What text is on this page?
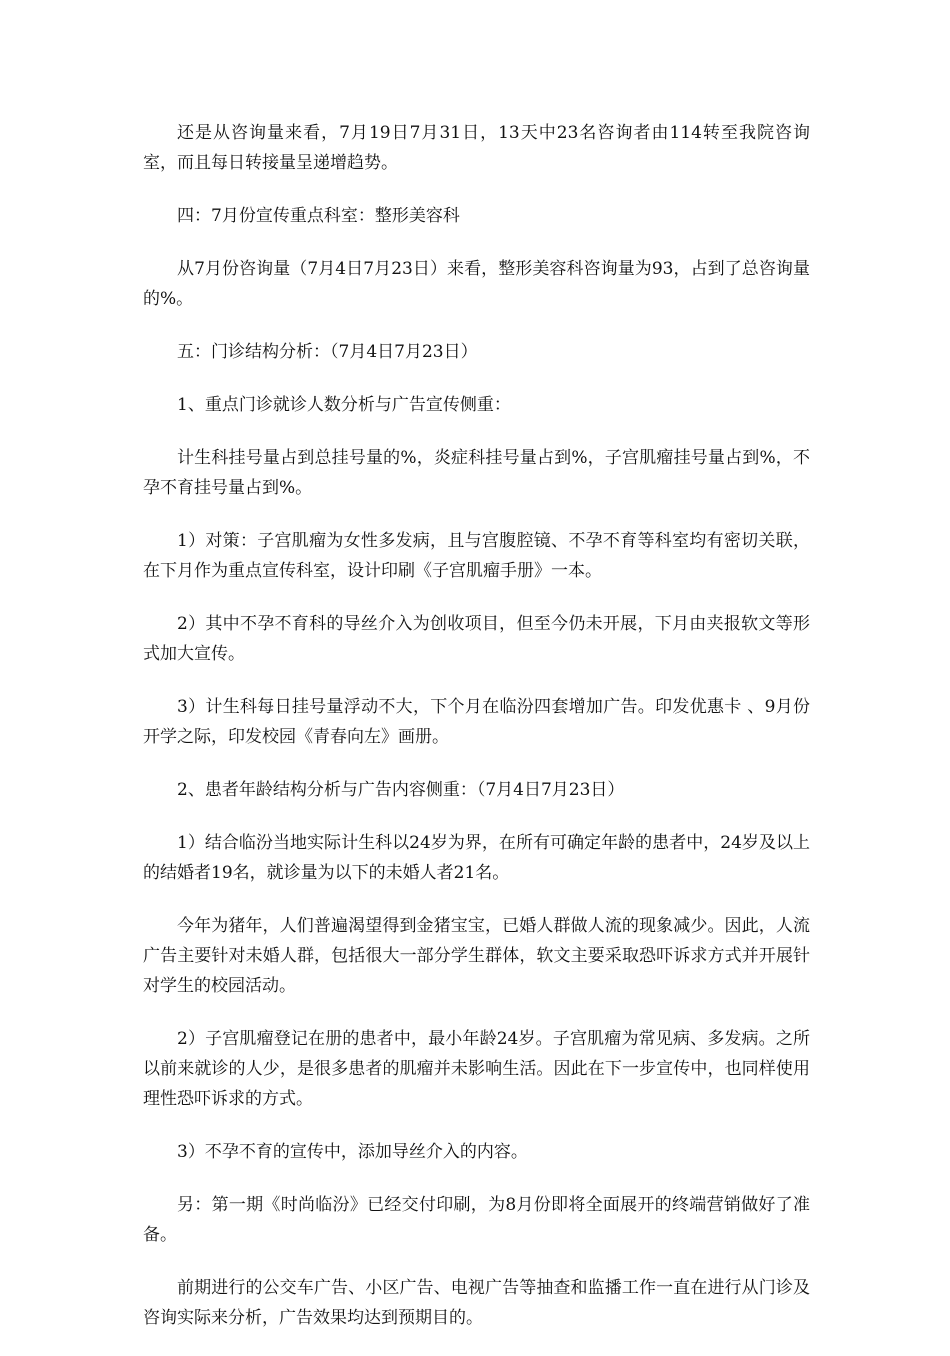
还是从咨询量来看，7月19日7月31日，13天中23名咨询者由114转至我院咨询室，而且每日转接量呈递增趋势。

四：7月份宣传重点科室：整形美容科

从7月份咨询量（7月4日7月23日）来看，整形美容科咨询量为93，占到了总咨询量的%。

五：门诊结构分析：（7月4日7月23日）

1、重点门诊就诊人数分析与广告宣传侧重：

计生科挂号量占到总挂号量的%，炎症科挂号量占到%，子宫肌瘤挂号量占到%，不孕不育挂号量占到%。

1）对策：子宫肌瘤为女性多发病，且与宫腹腔镜、不孕不育等科室均有密切关联，在下月作为重点宣传科室，设计印刷《子宫肌瘤手册》一本。

2）其中不孕不育科的导丝介入为创收项目，但至今仍未开展，下月由夹报软文等形式加大宣传。

3）计生科每日挂号量浮动不大，下个月在临汾四套增加广告。印发优惠卡 、9月份开学之际，印发校园《青春向左》画册。

2、患者年龄结构分析与广告内容侧重：（7月4日7月23日）

1）结合临汾当地实际计生科以24岁为界，在所有可确定年龄的患者中，24岁及以上的结婚者19名，就诊量为以下的未婚人者21名。

今年为猪年，人们普遍渴望得到金猪宝宝，已婚人群做人流的现象减少。因此，人流广告主要针对未婚人群，包括很大一部分学生群体，软文主要采取恐吓诉求方式并开展针对学生的校园活动。

2）子宫肌瘤登记在册的患者中，最小年龄24岁。子宫肌瘤为常见病、多发病。之所以前来就诊的人少，是很多患者的肌瘤并未影响生活。因此在下一步宣传中，也同样使用理性恐吓诉求的方式。

3）不孕不育的宣传中，添加导丝介入的内容。

另：第一期《时尚临汾》已经交付印刷，为8月份即将全面展开的终端营销做好了准备。

前期进行的公交车广告、小区广告、电视广告等抽查和监播工作一直在进行从门诊及咨询实际来分析，广告效果均达到预期目的。
